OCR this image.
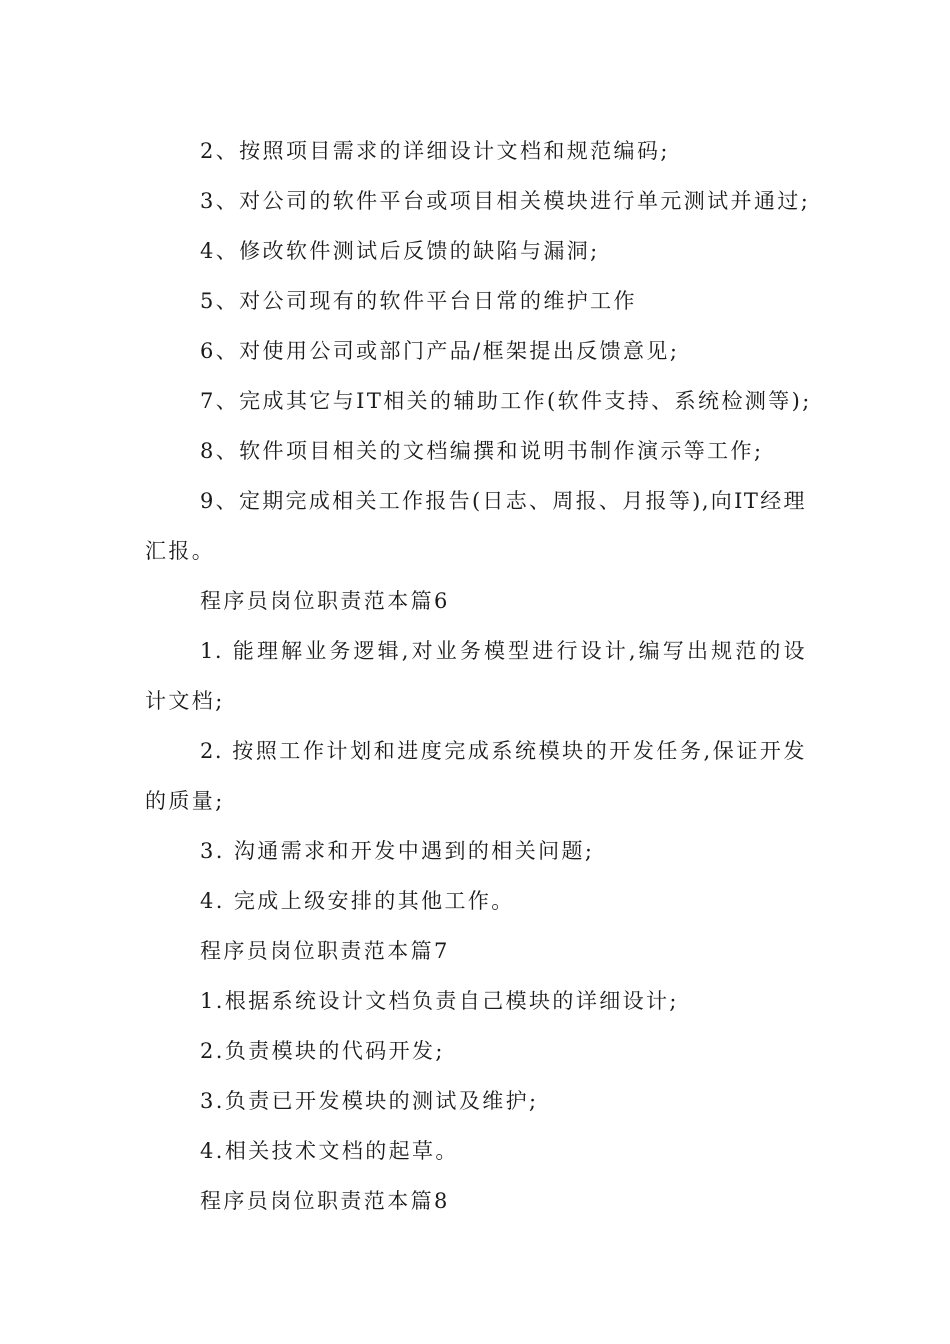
2、按照项目需求的详细设计文档和规范编码;
3、对公司的软件平台或项目相关模块进行单元测试并通过;
4、修改软件测试后反馈的缺陷与漏洞;
5、对公司现有的软件平台日常的维护工作
6、对使用公司或部门产品/框架提出反馈意见;
7、完成其它与IT相关的辅助工作(软件支持、系统检测等);
8、软件项目相关的文档编撰和说明书制作演示等工作;
9、定期完成相关工作报告(日志、周报、月报等),向IT经理
汇报。
程序员岗位职责范本篇6
1. 能理解业务逻辑,对业务模型进行设计,编写出规范的设
计文档;
2. 按照工作计划和进度完成系统模块的开发任务,保证开发
的质量;
3. 沟通需求和开发中遇到的相关问题;
4. 完成上级安排的其他工作。
程序员岗位职责范本篇7
1.根据系统设计文档负责自己模块的详细设计;
2.负责模块的代码开发;
3.负责已开发模块的测试及维护;
4.相关技术文档的起草。
程序员岗位职责范本篇8
